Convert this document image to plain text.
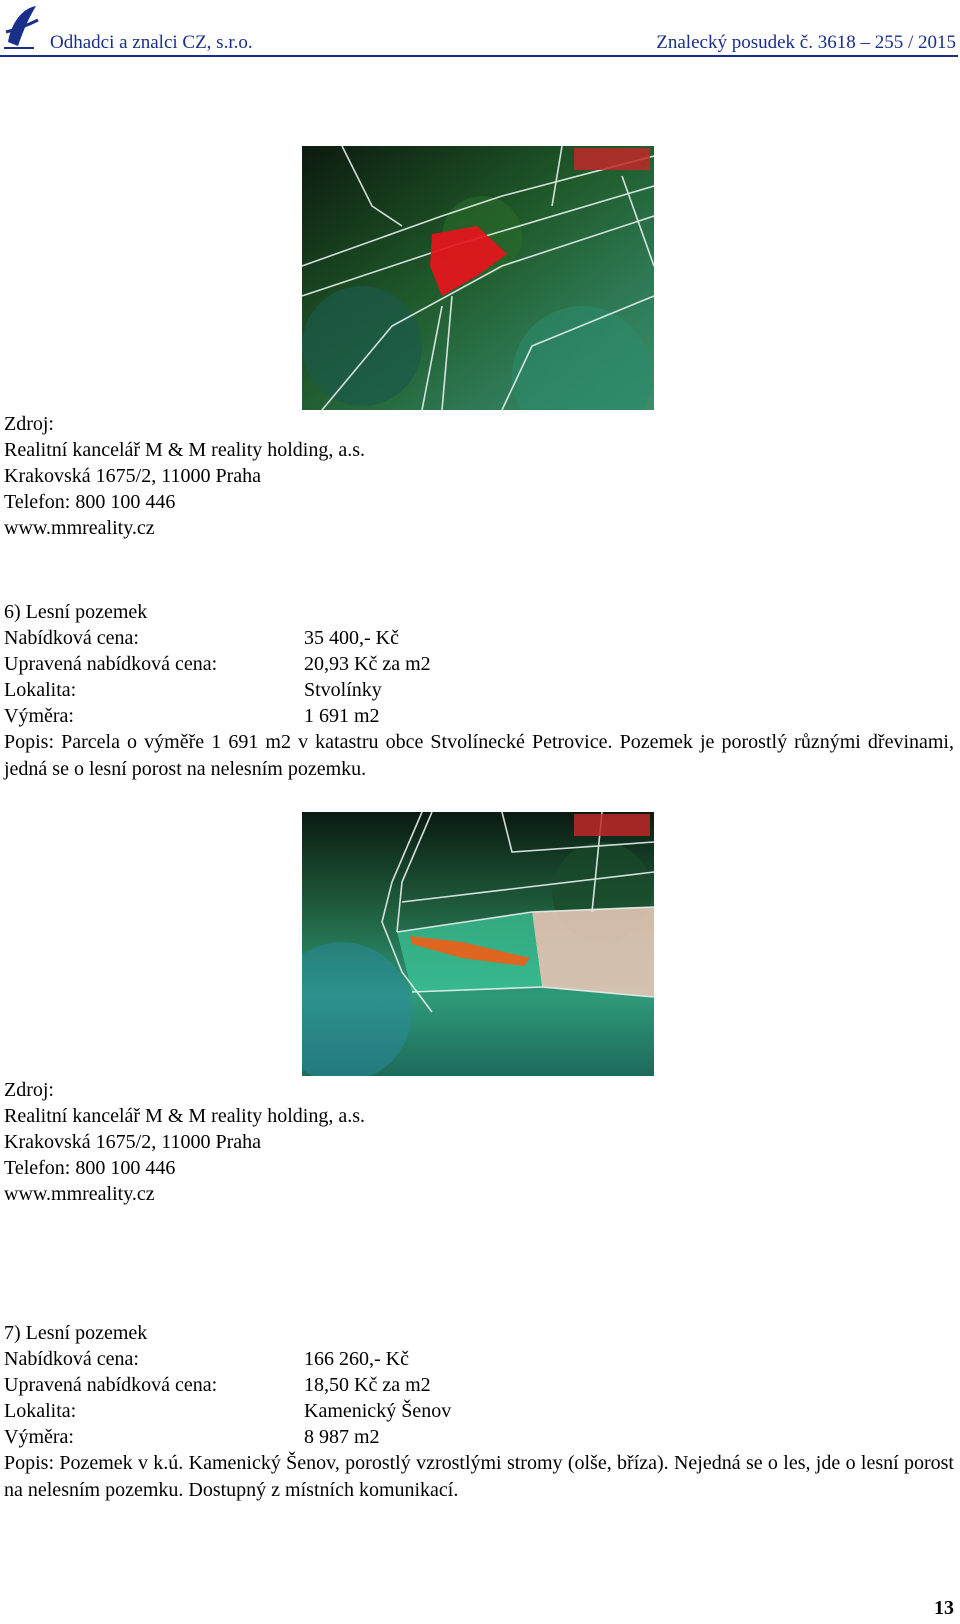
Odhadci a znalci CZ, s.r.o.	Znalecký posudek č. 3618 – 255 / 2015
Zdroj:
Realitní kancelář M & M reality holding, a.s.
Krakovská 1675/2, 11000 Praha
Telefon: 800 100 446
www.mmreality.cz
6) Lesní pozemek
Nabídková cena:	35 400,- Kč
Upravená nabídková cena:	20,93 Kč za m2
Lokalita:	Stvolínky
Výměra:	1 691 m2
Popis: Parcela o výměře 1 691 m2 v katastru obce Stvolínecké Petrovice. Pozemek je porostlý různými dřevinami, jedná se o lesní porost na nelesním pozemku.
Zdroj:
Realitní kancelář M & M reality holding, a.s.
Krakovská 1675/2, 11000 Praha
Telefon: 800 100 446
www.mmreality.cz
7) Lesní pozemek
Nabídková cena:	166 260,- Kč
Upravená nabídková cena:	18,50 Kč za m2
Lokalita:	Kamenický Šenov
Výměra:	8 987 m2
Popis: Pozemek v k.ú. Kamenický Šenov, porostlý vzrostlými stromy (olše, bříza). Nejedná se o les, jde o lesní porost na nelesním pozemku. Dostupný z místních komunikací.
13
